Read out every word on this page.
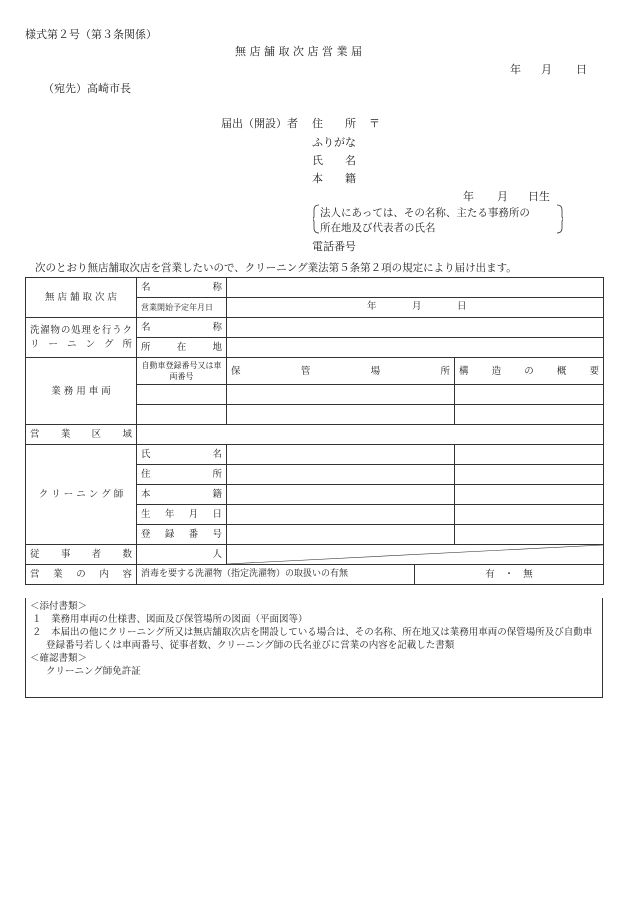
様式第２号（第３条関係）
無 店 舗 取 次 店 営 業 届
年 月 日
（宛先）高崎市長
届出（開設）者 住　　所 〒
ふりがな
氏　　名
本　　籍
年 月 日生
法人にあっては、その名称、主たる事務所の
所在地及び代表者の氏名
電話番号
次のとおり無店舗取次店を営業したいので、クリーニング業法第５条第２項の規定により届け出ます。
無 店 舗 取 次 店	名　　　称			
	営業開始予定年月日	年 月 日		

洗濯物の処理を行うクリーニング所	名　　　称			
	所　在　地			
業 務 用 車 両	自動車登録番号又は車両番号	保　管　場　所		構 造 の 概 要

営 業 区 域				
ク リ ー ニ ン グ 師	氏　　　名			
	住　　　所			
	本　　　籍			
	生 年 月 日			
	登 録 番 号			
従 事 者 数	人	

営 業 の 内 容	消毒を要する洗濯物（指定洗濯物）の取扱いの有無		有　・　無	
＜添付書類＞
１　業務用車両の仕様書、図面及び保管場所の図面（平面図等）
２　本届出の他にクリーニング所又は無店舗取次店を開設している場合は、その名称、所在地又は業務用車両の保管場所及び自動車登録番号若しくは車両番号、従事者数、クリーニング師の氏名並びに営業の内容を記載した書類
＜確認書類＞
クリーニング師免許証
